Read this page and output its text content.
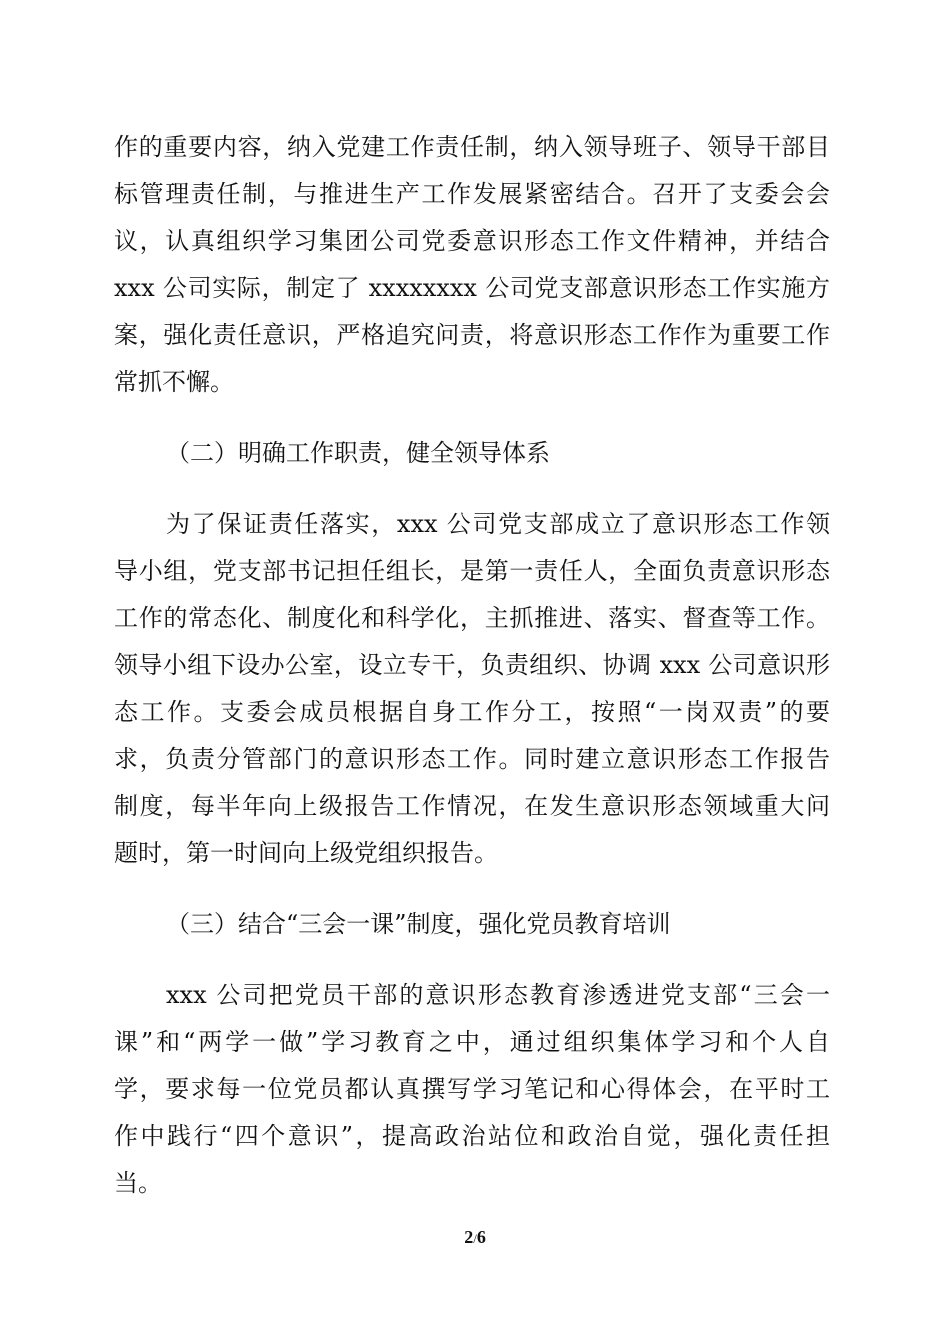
作的重要内容，纳入党建工作责任制，纳入领导班子、领导干部目
标管理责任制，与推进生产工作发展紧密结合。召开了支委会会
议，认真组织学习集团公司党委意识形态工作文件精神，并结合
xxx 公司实际，制定了 xxxxxxxx 公司党支部意识形态工作实施方
案，强化责任意识，严格追究问责，将意识形态工作作为重要工作
常抓不懈。
（二）明确工作职责，健全领导体系
为了保证责任落实，xxx 公司党支部成立了意识形态工作领
导小组，党支部书记担任组长，是第一责任人，全面负责意识形态
工作的常态化、制度化和科学化，主抓推进、落实、督查等工作。
领导小组下设办公室，设立专干，负责组织、协调 xxx 公司意识形
态工作。支委会成员根据自身工作分工，按照“一岗双责”的要
求，负责分管部门的意识形态工作。同时建立意识形态工作报告
制度，每半年向上级报告工作情况，在发生意识形态领域重大问
题时，第一时间向上级党组织报告。
（三）结合“三会一课”制度，强化党员教育培训
xxx 公司把党员干部的意识形态教育渗透进党支部“三会一
课”和“两学一做”学习教育之中，通过组织集体学习和个人自
学，要求每一位党员都认真撰写学习笔记和心得体会，在平时工
作中践行“四个意识”，提高政治站位和政治自觉，强化责任担
当。
2/6
